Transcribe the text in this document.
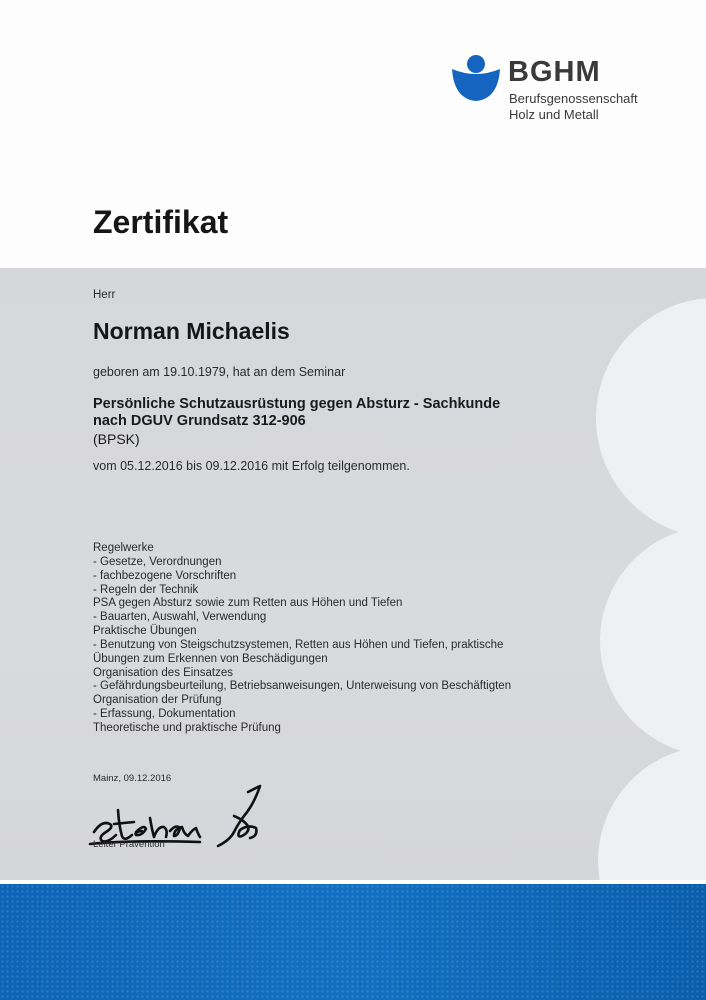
BGHM
Berufsgenossenschaft
Holz und Metall
Zertifikat
Herr
Norman Michaelis
geboren am 19.10.1979, hat an dem Seminar
Persönliche Schutzausrüstung gegen Absturz - Sachkunde
nach DGUV Grundsatz 312-906
(BPSK)
vom 05.12.2016 bis 09.12.2016 mit Erfolg teilgenommen.
Regelwerke
- Gesetze, Verordnungen
- fachbezogene Vorschriften
- Regeln der Technik
PSA gegen Absturz sowie zum Retten aus Höhen und Tiefen
- Bauarten, Auswahl, Verwendung
Praktische Übungen
- Benutzung von Steigschutzsystemen, Retten aus Höhen und Tiefen, praktische
Übungen zum Erkennen von Beschädigungen
Organisation des Einsatzes
- Gefährdungsbeurteilung, Betriebsanweisungen, Unterweisung von Beschäftigten
Organisation der Prüfung
- Erfassung, Dokumentation
Theoretische und praktische Prüfung
Mainz, 09.12.2016
Leiter Prävention
